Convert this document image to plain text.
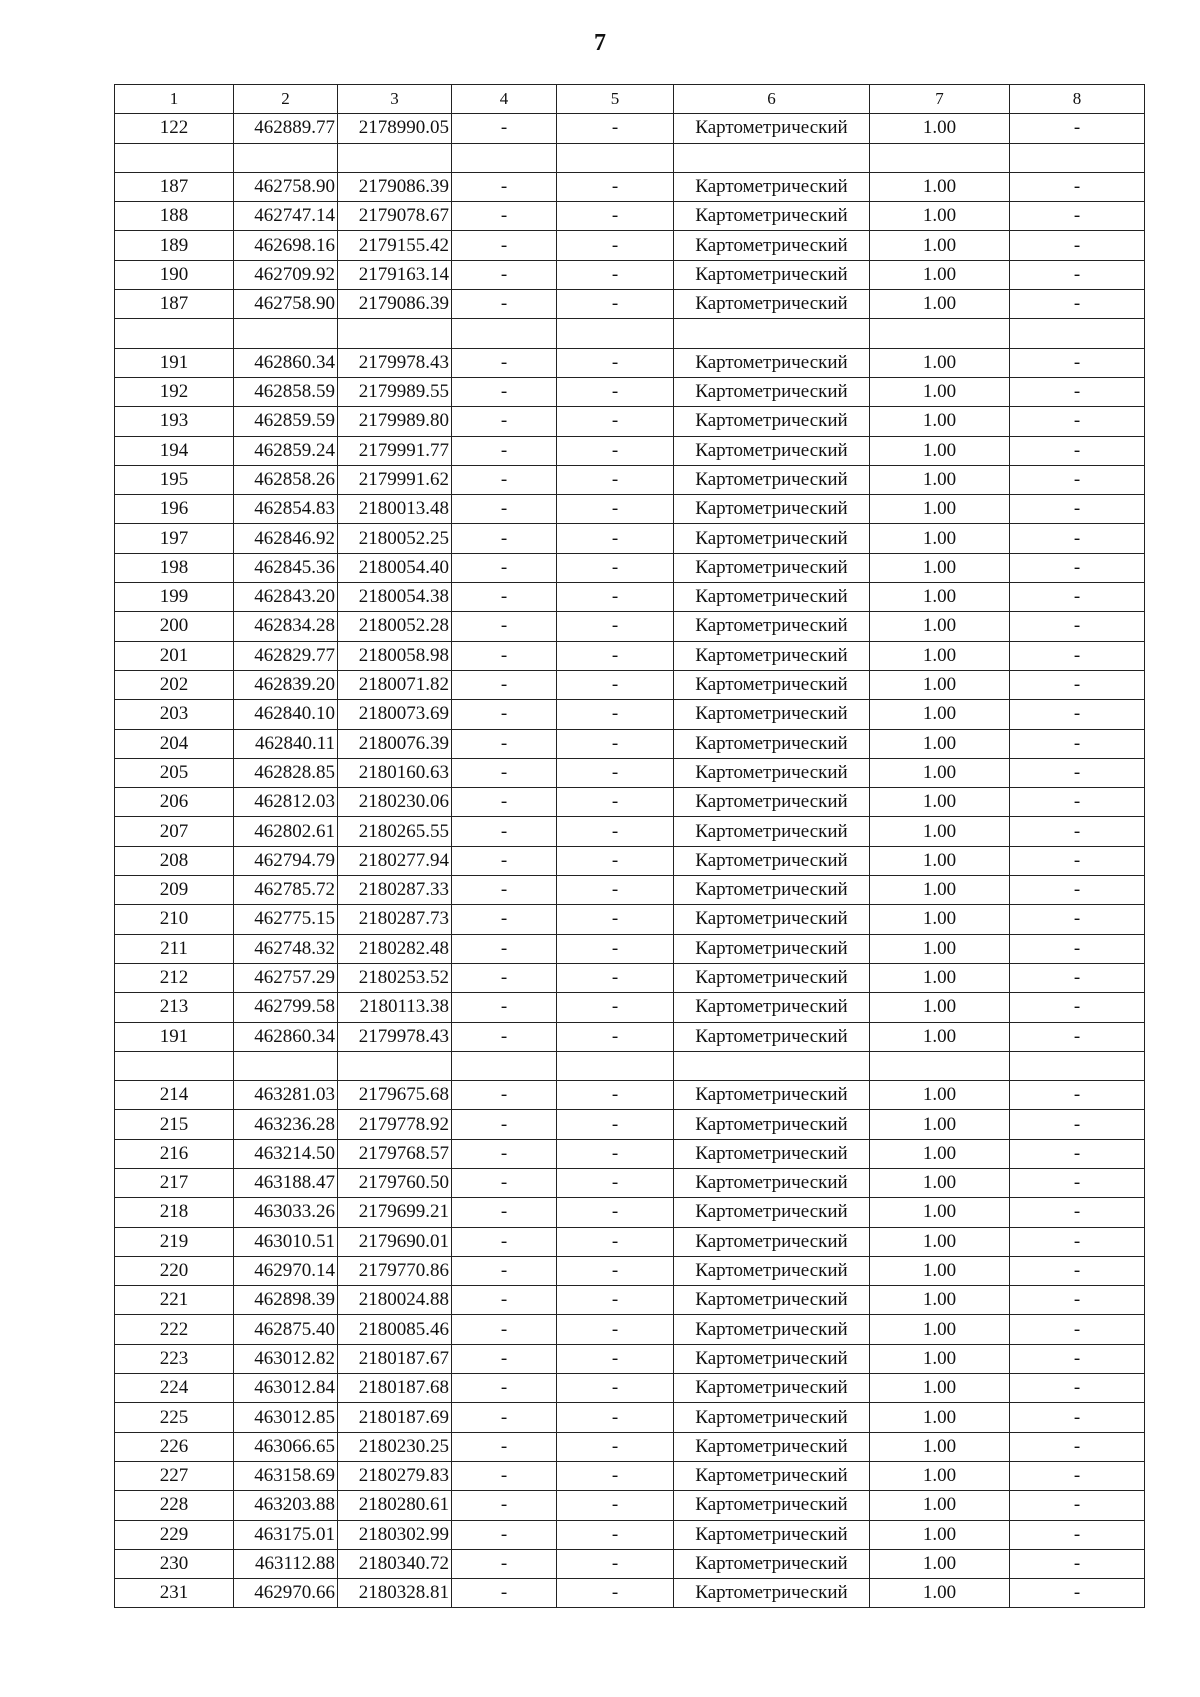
7
1	2	3	4	5	6	7	8
122	462889.77	2178990.05	-	-	Картометрический	1.00	-

187	462758.90	2179086.39	-	-	Картометрический	1.00	-
188	462747.14	2179078.67	-	-	Картометрический	1.00	-
189	462698.16	2179155.42	-	-	Картометрический	1.00	-
190	462709.92	2179163.14	-	-	Картометрический	1.00	-
187	462758.90	2179086.39	-	-	Картометрический	1.00	-

191	462860.34	2179978.43	-	-	Картометрический	1.00	-
192	462858.59	2179989.55	-	-	Картометрический	1.00	-
193	462859.59	2179989.80	-	-	Картометрический	1.00	-
194	462859.24	2179991.77	-	-	Картометрический	1.00	-
195	462858.26	2179991.62	-	-	Картометрический	1.00	-
196	462854.83	2180013.48	-	-	Картометрический	1.00	-
197	462846.92	2180052.25	-	-	Картометрический	1.00	-
198	462845.36	2180054.40	-	-	Картометрический	1.00	-
199	462843.20	2180054.38	-	-	Картометрический	1.00	-
200	462834.28	2180052.28	-	-	Картометрический	1.00	-
201	462829.77	2180058.98	-	-	Картометрический	1.00	-
202	462839.20	2180071.82	-	-	Картометрический	1.00	-
203	462840.10	2180073.69	-	-	Картометрический	1.00	-
204	462840.11	2180076.39	-	-	Картометрический	1.00	-
205	462828.85	2180160.63	-	-	Картометрический	1.00	-
206	462812.03	2180230.06	-	-	Картометрический	1.00	-
207	462802.61	2180265.55	-	-	Картометрический	1.00	-
208	462794.79	2180277.94	-	-	Картометрический	1.00	-
209	462785.72	2180287.33	-	-	Картометрический	1.00	-
210	462775.15	2180287.73	-	-	Картометрический	1.00	-
211	462748.32	2180282.48	-	-	Картометрический	1.00	-
212	462757.29	2180253.52	-	-	Картометрический	1.00	-
213	462799.58	2180113.38	-	-	Картометрический	1.00	-
191	462860.34	2179978.43	-	-	Картометрический	1.00	-

214	463281.03	2179675.68	-	-	Картометрический	1.00	-
215	463236.28	2179778.92	-	-	Картометрический	1.00	-
216	463214.50	2179768.57	-	-	Картометрический	1.00	-
217	463188.47	2179760.50	-	-	Картометрический	1.00	-
218	463033.26	2179699.21	-	-	Картометрический	1.00	-
219	463010.51	2179690.01	-	-	Картометрический	1.00	-
220	462970.14	2179770.86	-	-	Картометрический	1.00	-
221	462898.39	2180024.88	-	-	Картометрический	1.00	-
222	462875.40	2180085.46	-	-	Картометрический	1.00	-
223	463012.82	2180187.67	-	-	Картометрический	1.00	-
224	463012.84	2180187.68	-	-	Картометрический	1.00	-
225	463012.85	2180187.69	-	-	Картометрический	1.00	-
226	463066.65	2180230.25	-	-	Картометрический	1.00	-
227	463158.69	2180279.83	-	-	Картометрический	1.00	-
228	463203.88	2180280.61	-	-	Картометрический	1.00	-
229	463175.01	2180302.99	-	-	Картометрический	1.00	-
230	463112.88	2180340.72	-	-	Картометрический	1.00	-
231	462970.66	2180328.81	-	-	Картометрический	1.00	-
